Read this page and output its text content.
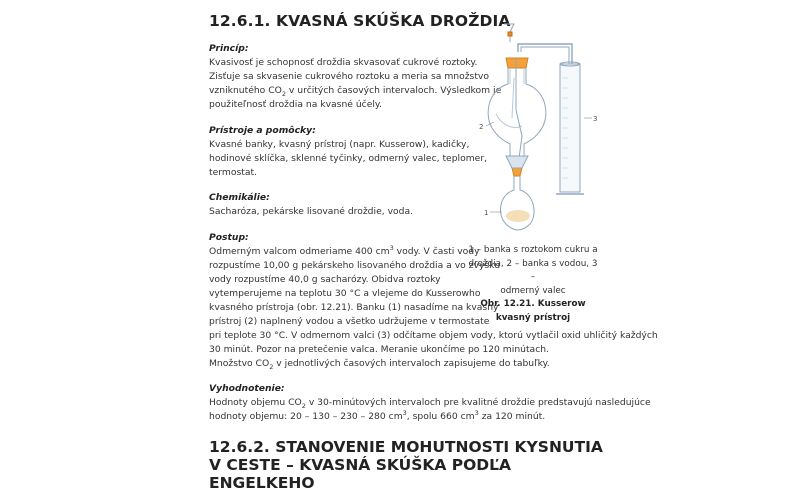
12.6.1. KVASNÁ SKÚŠKA DROŽDIA
Princíp:
Kvasivosť je schopnosť droždia skvasovať cukrové roztoky.
Zisťuje sa skvasenie cukrového roztoku a meria sa množstvo
vzniknutého $CO_2$ v určitých časových intervaloch. Výsledkom je
použiteľnosť droždia na kvasné účely.
Prístroje a pomôcky:
Kvasné banky, kvasný prístroj (napr. Kusserow), kadičky,
hodinové sklíčka, sklenné tyčinky, odmerný valec, teplomer,
termostat.
Chemikálie:
Sacharóza, pekárske lisované droždie, voda.
Postup:
Odmerným valcom odmeriame 400 $cm^3$ vody. V časti vody
rozpustíme 10,00 g pekárskeho lisovaného droždia a vo zvyšku
vody rozpustíme 40,0 g sacharózy. Obidva roztoky
vytemperujeme na teplotu 30 °C a vlejeme do Kusserowho
kvasného prístroja (obr. 12.21). Banku (1) nasadíme na kvasný
prístroj (2) naplnený vodou a všetko udržujeme v termostate
pri teplote 30 °C. V odmernom valci (3) odčítame objem vody, ktorú vytlačil oxid uhličitý každých
30 minút. Pozor na pretečenie valca. Meranie ukončíme po 120 minútach.
Množstvo $CO_2$ v jednotlivých časových intervaloch zapisujeme do tabuľky.
Vyhodnotenie:
Hodnoty objemu $CO_2$ v 30-minútových intervaloch pre kvalitné droždie predstavujú nasledujúce
hodnoty objemu: 20 – 130 – 230 – 280 $cm^3$, spolu 660 $cm^3$ za 120 minút.
2
3
1
1 – banka s roztokom cukru a
droždia, 2 – banka s vodou, 3 –
odmerný valec
Obr. 12.21. Kusserow kvasný prístroj
12.6.2. STANOVENIE MOHUTNOSTI KYSNUTIA V CESTE – KVASNÁ SKÚŠKA PODĽA ENGELKEHO
